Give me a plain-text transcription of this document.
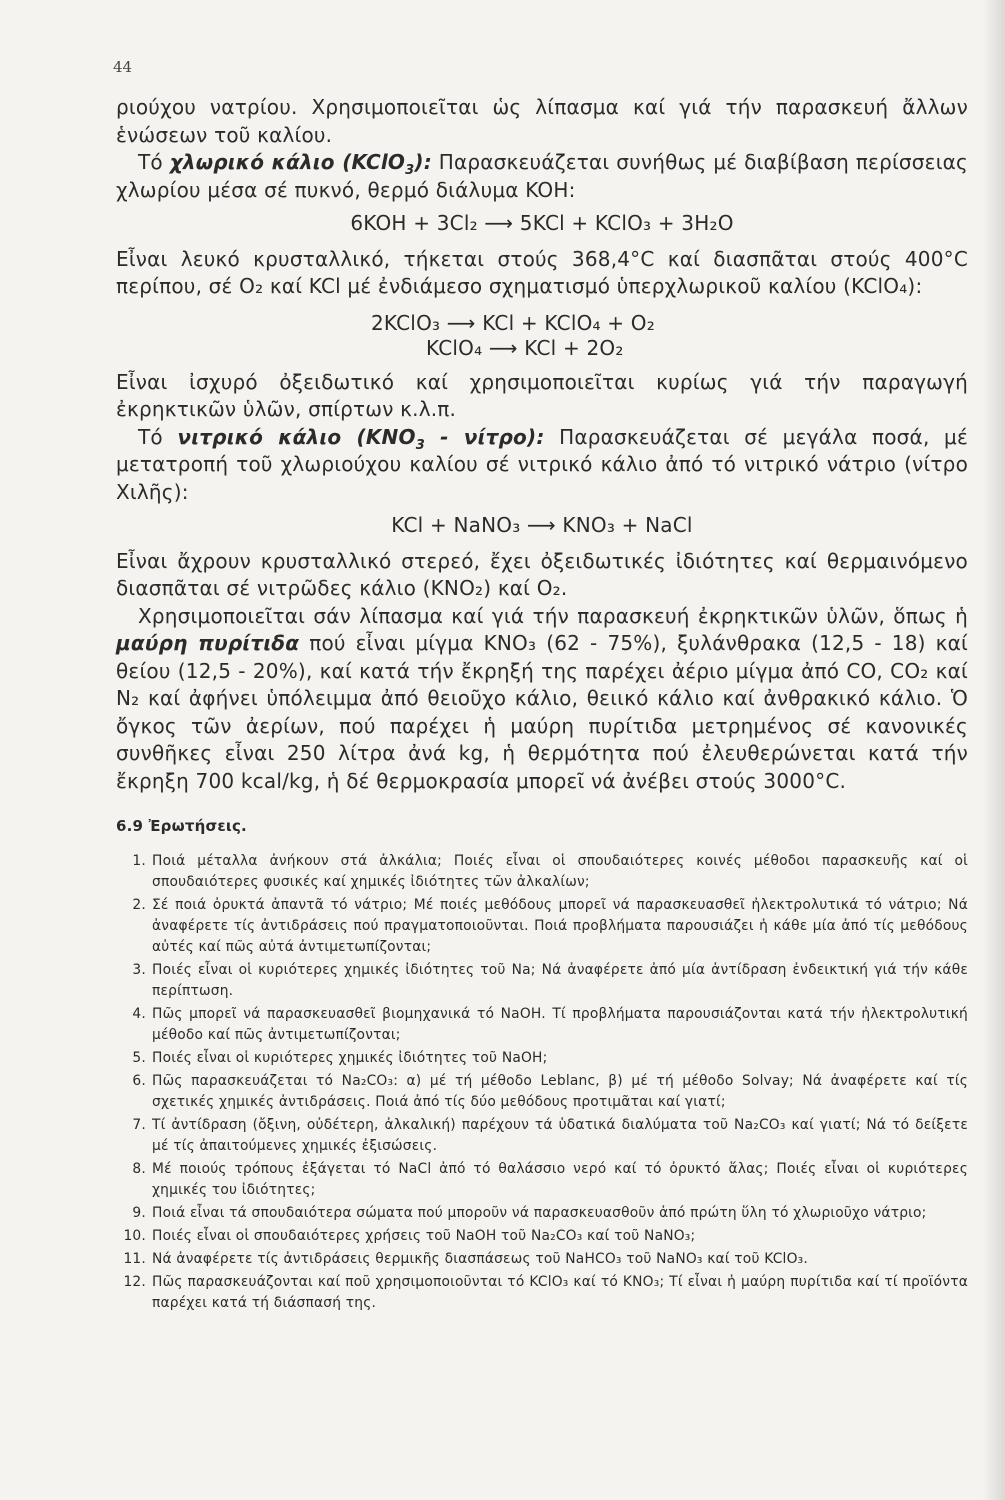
44

ριούχου νατρίου. Χρησιμοποιεῖται ὡς λίπασμα καί γιά τήν παρασκευή ἄλλων ἑνώσεων τοῦ καλίου.

Τό χλωρικό κάλιο (KClO$_3$): Παρασκευάζεται συνήθως μέ διαβίβαση περίσσειας χλωρίου μέσα σέ πυκνό, θερμό διάλυμα KOH:

6KOH + 3Cl₂ ⟶ 5KCl + KClO₃ + 3H₂O

Εἶναι λευκό κρυσταλλικό, τήκεται στούς 368,4°C καί διασπᾶται στούς 400°C περίπου, σέ O₂ καί KCl μέ ἐνδιάμεσο σχηματισμό ὑπερχλωρικοῦ καλίου (KClO₄):

2KClO₃ ⟶ KCl + KClO₄ + O₂
KClO₄ ⟶ KCl + 2O₂

Εἶναι ἰσχυρό ὀξειδωτικό καί χρησιμοποιεῖται κυρίως γιά τήν παραγωγή ἐκρηκτικῶν ὑλῶν, σπίρτων κ.λ.π.

Τό νιτρικό κάλιο $(KNO_3 - \nu ί\tau\rho o)$: Παρασκευάζεται σέ μεγάλα ποσά, μέ μετατροπή τοῦ χλωριούχου καλίου σέ νιτρικό κάλιο ἀπό τό νιτρικό νάτριο (νίτρο Χιλῆς):

KCl + NaNO₃ ⟶ KNO₃ + NaCl

Εἶναι ἄχρουν κρυσταλλικό στερεό, ἔχει ὀξειδωτικές ἰδιότητες καί θερμαινόμενο διασπᾶται σέ νιτρῶδες κάλιο (KNO₂) καί O₂.

Χρησιμοποιεῖται σάν λίπασμα καί γιά τήν παρασκευή ἐκρηκτικῶν ὑλῶν, ὅπως ἡ μαύρη πυρίτιδα πού εἶναι μίγμα KNO₃ (62 - 75%), ξυλάνθρακα (12,5 - 18) καί θείου (12,5 - 20%), καί κατά τήν ἔκρηξή της παρέχει ἀέριο μίγμα ἀπό CO, CO₂ καί N₂ καί ἀφήνει ὑπόλειμμα ἀπό θειοῦχο κάλιο, θειικό κάλιο καί ἀνθρακικό κάλιο. Ὁ ὄγκος τῶν ἀερίων, πού παρέχει ἡ μαύρη πυρίτιδα μετρημένος σέ κανονικές συνθῆκες εἶναι 250 λίτρα ἀνά kg, ἡ θερμότητα πού ἐλευθερώνεται κατά τήν ἔκρηξη 700 kcal/kg, ἡ δέ θερμοκρασία μπορεῖ νά ἀνέβει στούς 3000°C.

6.9 Ἐρωτήσεις.
1. Ποιά μέταλλα ἀνήκουν στά ἀλκάλια; Ποιές εἶναι οἱ σπουδαιότερες κοινές μέθοδοι παρασκευῆς καί οἱ σπουδαιότερες φυσικές καί χημικές ἰδιότητες τῶν ἀλκαλίων;
2. Σέ ποιά ὀρυκτά ἀπαντᾶ τό νάτριο; Μέ ποιές μεθόδους μπορεῖ νά παρασκευασθεῖ ἠλεκτρολυτικά τό νάτριο; Νά ἀναφέρετε τίς ἀντιδράσεις πού πραγματοποιοῦνται. Ποιά προβλήματα παρουσιάζει ἡ κάθε μία ἀπό τίς μεθόδους αὐτές καί πῶς αὐτά ἀντιμετωπίζονται;
3. Ποιές εἶναι οἱ κυριότερες χημικές ἰδιότητες τοῦ Na; Νά ἀναφέρετε ἀπό μία ἀντίδραση ἐνδεικτική γιά τήν κάθε περίπτωση.
4. Πῶς μπορεῖ νά παρασκευασθεῖ βιομηχανικά τό NaOH. Τί προβλήματα παρουσιάζονται κατά τήν ἠλεκτρολυτική μέθοδο καί πῶς ἀντιμετωπίζονται;
5. Ποιές εἶναι οἱ κυριότερες χημικές ἰδιότητες τοῦ NaOH;
6. Πῶς παρασκευάζεται τό Na₂CO₃: α) μέ τή μέθοδο Leblanc, β) μέ τή μέθοδο Solvay; Νά ἀναφέρετε καί τίς σχετικές χημικές ἀντιδράσεις. Ποιά ἀπό τίς δύο μεθόδους προτιμᾶται καί γιατί;
7. Τί ἀντίδραση (ὄξινη, οὐδέτερη, ἀλκαλική) παρέχουν τά ὑδατικά διαλύματα τοῦ Na₂CO₃ καί γιατί; Νά τό δείξετε μέ τίς ἀπαιτούμενες χημικές ἐξισώσεις.
8. Μέ ποιούς τρόπους ἐξάγεται τό NaCl ἀπό τό θαλάσσιο νερό καί τό ὀρυκτό ἅλας; Ποιές εἶναι οἱ κυριότερες χημικές του ἰδιότητες;
9. Ποιά εἶναι τά σπουδαιότερα σώματα πού μποροῦν νά παρασκευασθοῦν ἀπό πρώτη ὕλη τό χλωριοῦχο νάτριο;
10. Ποιές εἶναι οἱ σπουδαιότερες χρήσεις τοῦ NaOH τοῦ Na₂CO₃ καί τοῦ NaNO₃;
11. Νά ἀναφέρετε τίς ἀντιδράσεις θερμικῆς διασπάσεως τοῦ NaHCO₃ τοῦ NaNO₃ καί τοῦ KClO₃.
12. Πῶς παρασκευάζονται καί ποῦ χρησιμοποιοῦνται τό KClO₃ καί τό KNO₃; Τί εἶναι ἡ μαύρη πυρίτιδα καί τί προϊόντα παρέχει κατά τή διάσπασή της.
